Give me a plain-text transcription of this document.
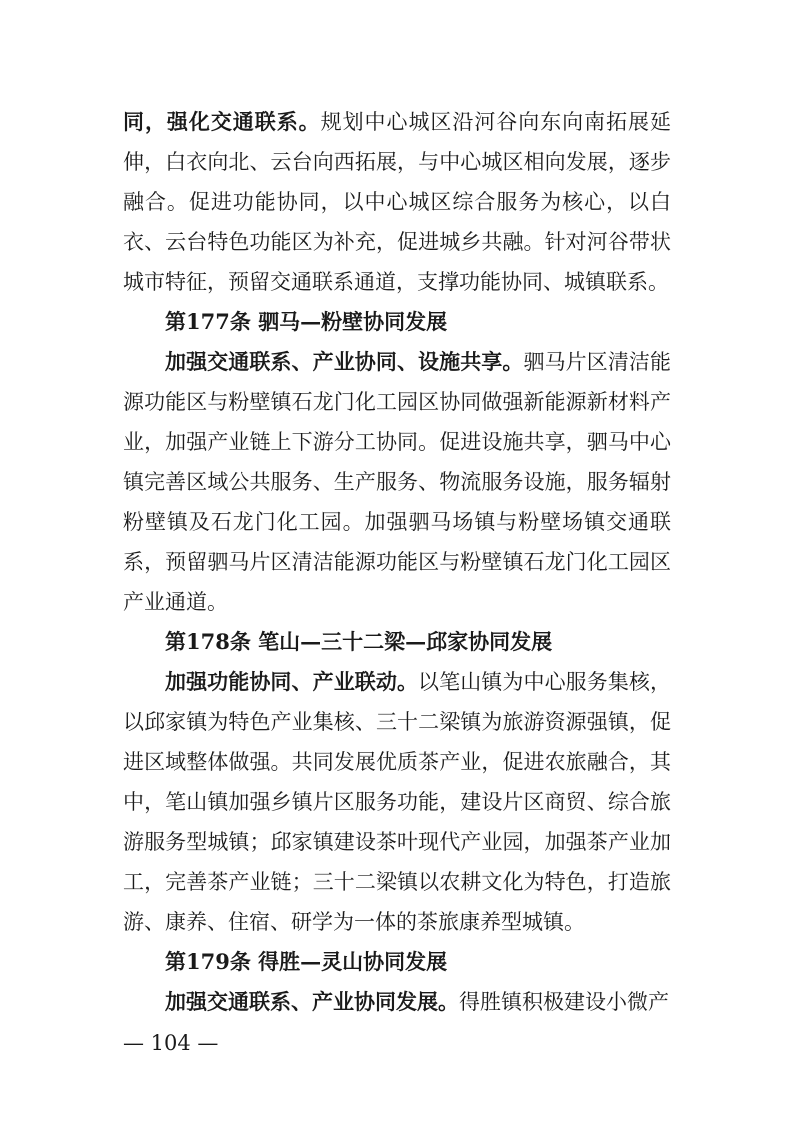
同，强化交通联系。规划中心城区沿河谷向东向南拓展延伸，白衣向北、云台向西拓展，与中心城区相向发展，逐步融合。促进功能协同，以中心城区综合服务为核心，以白衣、云台特色功能区为补充，促进城乡共融。针对河谷带状城市特征，预留交通联系通道，支撑功能协同、城镇联系。

第177条 驷马—粉壁协同发展

加强交通联系、产业协同、设施共享。驷马片区清洁能源功能区与粉壁镇石龙门化工园区协同做强新能源新材料产业，加强产业链上下游分工协同。促进设施共享，驷马中心镇完善区域公共服务、生产服务、物流服务设施，服务辐射粉壁镇及石龙门化工园。加强驷马场镇与粉壁场镇交通联系，预留驷马片区清洁能源功能区与粉壁镇石龙门化工园区产业通道。

第178条 笔山—三十二梁—邱家协同发展

加强功能协同、产业联动。以笔山镇为中心服务集核，以邱家镇为特色产业集核、三十二梁镇为旅游资源强镇，促进区域整体做强。共同发展优质茶产业，促进农旅融合，其中，笔山镇加强乡镇片区服务功能，建设片区商贸、综合旅游服务型城镇；邱家镇建设茶叶现代产业园，加强茶产业加工，完善茶产业链；三十二梁镇以农耕文化为特色，打造旅游、康养、住宿、研学为一体的茶旅康养型城镇。

第179条 得胜—灵山协同发展

加强交通联系、产业协同发展。得胜镇积极建设小微产

— 104 —
